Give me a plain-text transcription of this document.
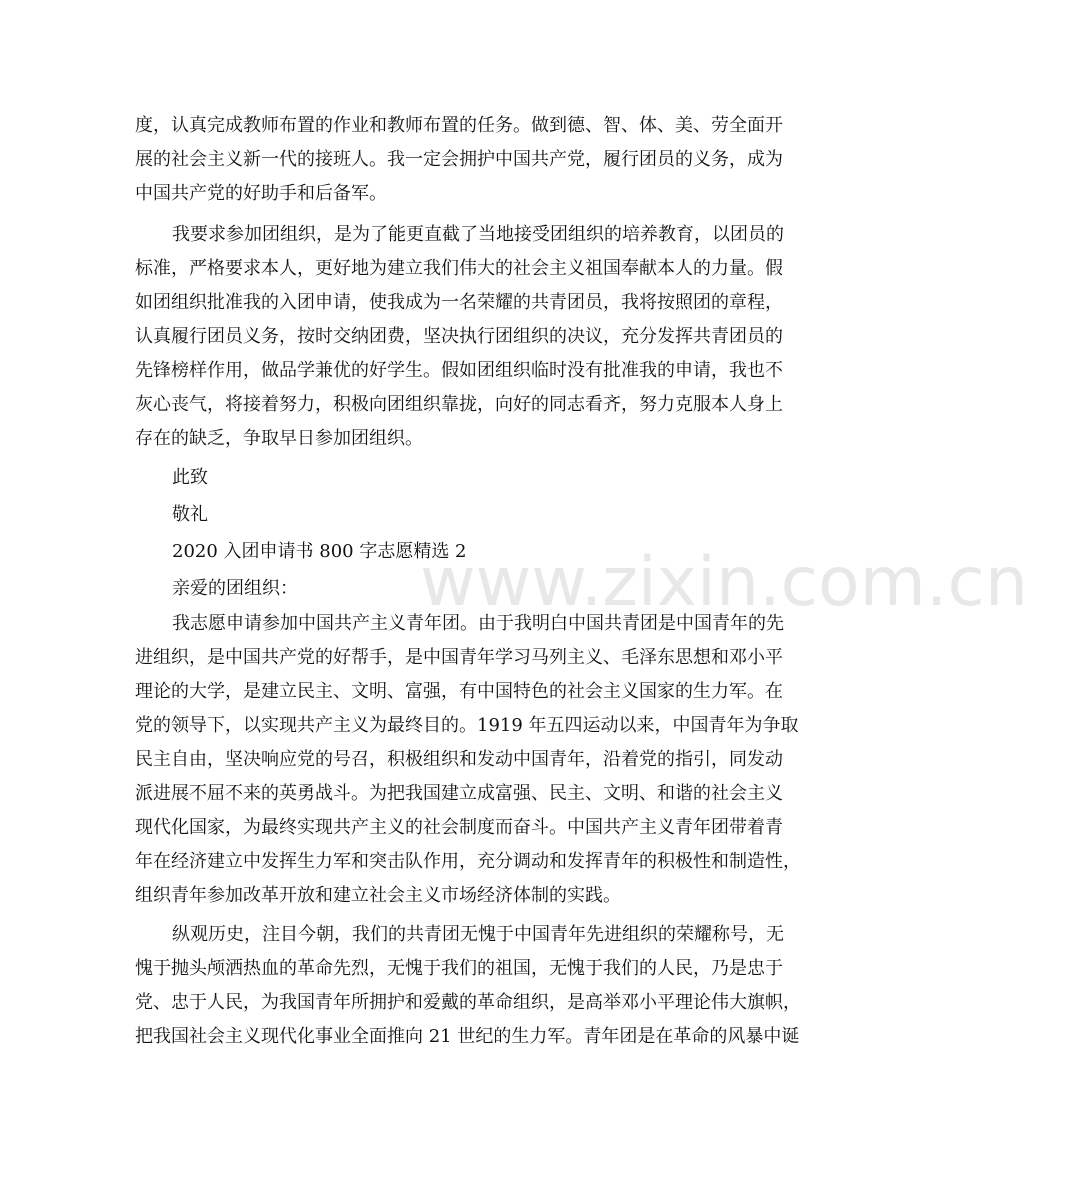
度，认真完成教师布置的作业和教师布置的任务。做到德、智、体、美、劳全面开
展的社会主义新一代的接班人。我一定会拥护中国共产党，履行团员的义务，成为
中国共产党的好助手和后备军。
我要求参加团组织，是为了能更直截了当地接受团组织的培养教育，以团员的
标准，严格要求本人，更好地为建立我们伟大的社会主义祖国奉献本人的力量。假
如团组织批准我的入团申请，使我成为一名荣耀的共青团员，我将按照团的章程，
认真履行团员义务，按时交纳团费，坚决执行团组织的决议，充分发挥共青团员的
先锋榜样作用，做品学兼优的好学生。假如团组织临时没有批准我的申请，我也不
灰心丧气，将接着努力，积极向团组织靠拢，向好的同志看齐，努力克服本人身上
存在的缺乏，争取早日参加团组织。
此致
敬礼
2020 入团申请书 800 字志愿精选 2
亲爱的团组织：
我志愿申请参加中国共产主义青年团。由于我明白中国共青团是中国青年的先
进组织，是中国共产党的好帮手，是中国青年学习马列主义、毛泽东思想和邓小平
理论的大学，是建立民主、文明、富强，有中国特色的社会主义国家的生力军。在
党的领导下，以实现共产主义为最终目的。1919 年五四运动以来，中国青年为争取
民主自由，坚决响应党的号召，积极组织和发动中国青年，沿着党的指引，同发动
派进展不屈不来的英勇战斗。为把我国建立成富强、民主、文明、和谐的社会主义
现代化国家，为最终实现共产主义的社会制度而奋斗。中国共产主义青年团带着青
年在经济建立中发挥生力军和突击队作用，充分调动和发挥青年的积极性和制造性，
组织青年参加改革开放和建立社会主义市场经济体制的实践。
纵观历史，注目今朝，我们的共青团无愧于中国青年先进组织的荣耀称号，无
愧于抛头颅洒热血的革命先烈，无愧于我们的祖国，无愧于我们的人民，乃是忠于
党、忠于人民，为我国青年所拥护和爱戴的革命组织，是高举邓小平理论伟大旗帜，
把我国社会主义现代化事业全面推向 21 世纪的生力军。青年团是在革命的风暴中诞
www.zixin.com.cn
